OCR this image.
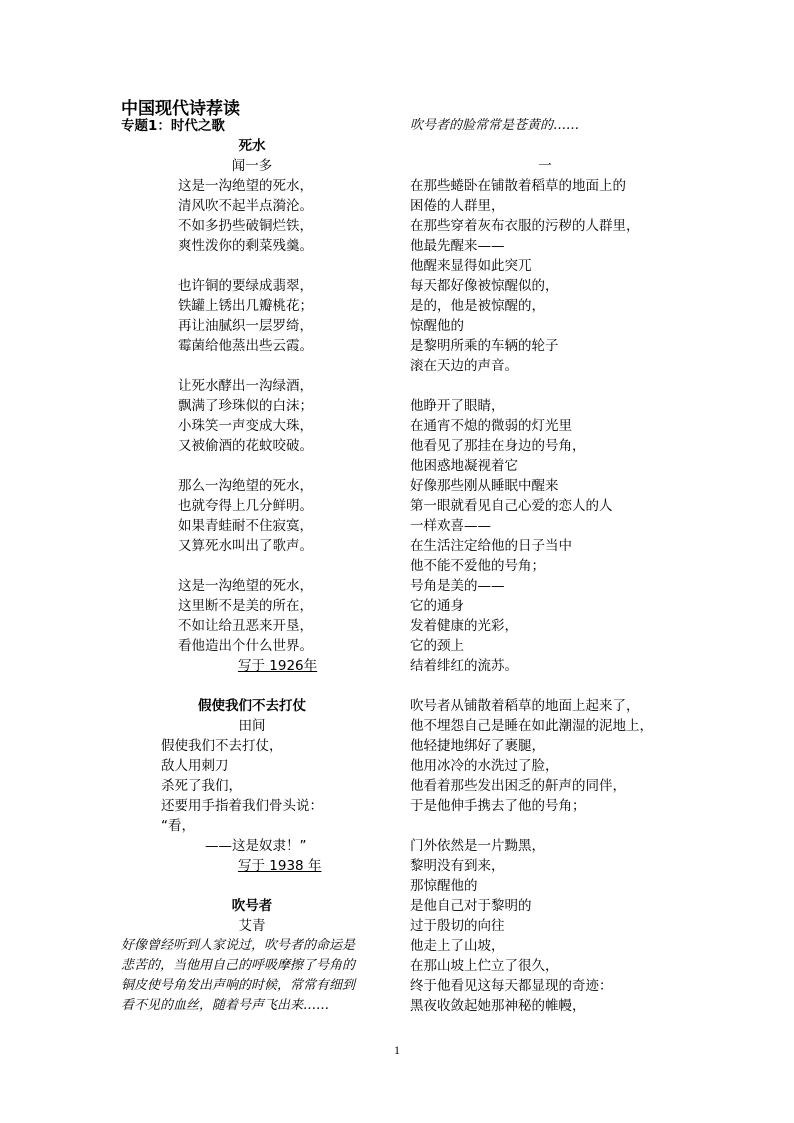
中国现代诗荐读
专题1：时代之歌
死水
闻一多
这是一沟绝望的死水，
清风吹不起半点漪沦。
不如多扔些破铜烂铁，
爽性泼你的剩菜残羹。
也许铜的要绿成翡翠，
铁罐上锈出几瓣桃花；
再让油腻织一层罗绮，
霉菌给他蒸出些云霞。
让死水酵出一沟绿酒，
飘满了珍珠似的白沫；
小珠笑一声变成大珠，
又被偷酒的花蚊咬破。
那么一沟绝望的死水，
也就夸得上几分鲜明。
如果青蛙耐不住寂寞，
又算死水叫出了歌声。
这是一沟绝望的死水，
这里断不是美的所在，
不如让给丑恶来开垦，
看他造出个什么世界。
写于 1926年
假使我们不去打仗
田间
假使我们不去打仗，
敌人用刺刀
杀死了我们，
还要用手指着我们骨头说：
“看，
——这是奴隶！”
写于 1938 年
吹号者
艾青
好像曾经听到人家说过，吹号者的命运是
悲苦的，当他用自己的呼吸摩擦了号角的
铜皮使号角发出声响的时候，常常有细到
看不见的血丝，随着号声飞出来……
吹号者的脸常常是苍黄的……
一
在那些蜷卧在铺散着稻草的地面上的
困倦的人群里，
在那些穿着灰布衣服的污秽的人群里，
他最先醒来——
他醒来显得如此突兀
每天都好像被惊醒似的，
是的，他是被惊醒的，
惊醒他的
是黎明所乘的车辆的轮子
滚在天边的声音。
他睁开了眼睛，
在通宵不熄的微弱的灯光里
他看见了那挂在身边的号角，
他困惑地凝视着它
好像那些刚从睡眠中醒来
第一眼就看见自己心爱的恋人的人
一样欢喜——
在生活注定给他的日子当中
他不能不爱他的号角；
号角是美的——
它的通身
发着健康的光彩，
它的颈上
结着绯红的流苏。
吹号者从铺散着稻草的地面上起来了，
他不埋怨自己是睡在如此潮湿的泥地上，
他轻捷地绑好了裹腿，
他用冰冷的水洗过了脸，
他看着那些发出困乏的鼾声的同伴，
于是他伸手携去了他的号角；
门外依然是一片黝黑，
黎明没有到来，
那惊醒他的
是他自己对于黎明的
过于殷切的向往
他走上了山坡，
在那山坡上伫立了很久，
终于他看见这每天都显现的奇迹：
黑夜收敛起她那神秘的帷幔，
1
